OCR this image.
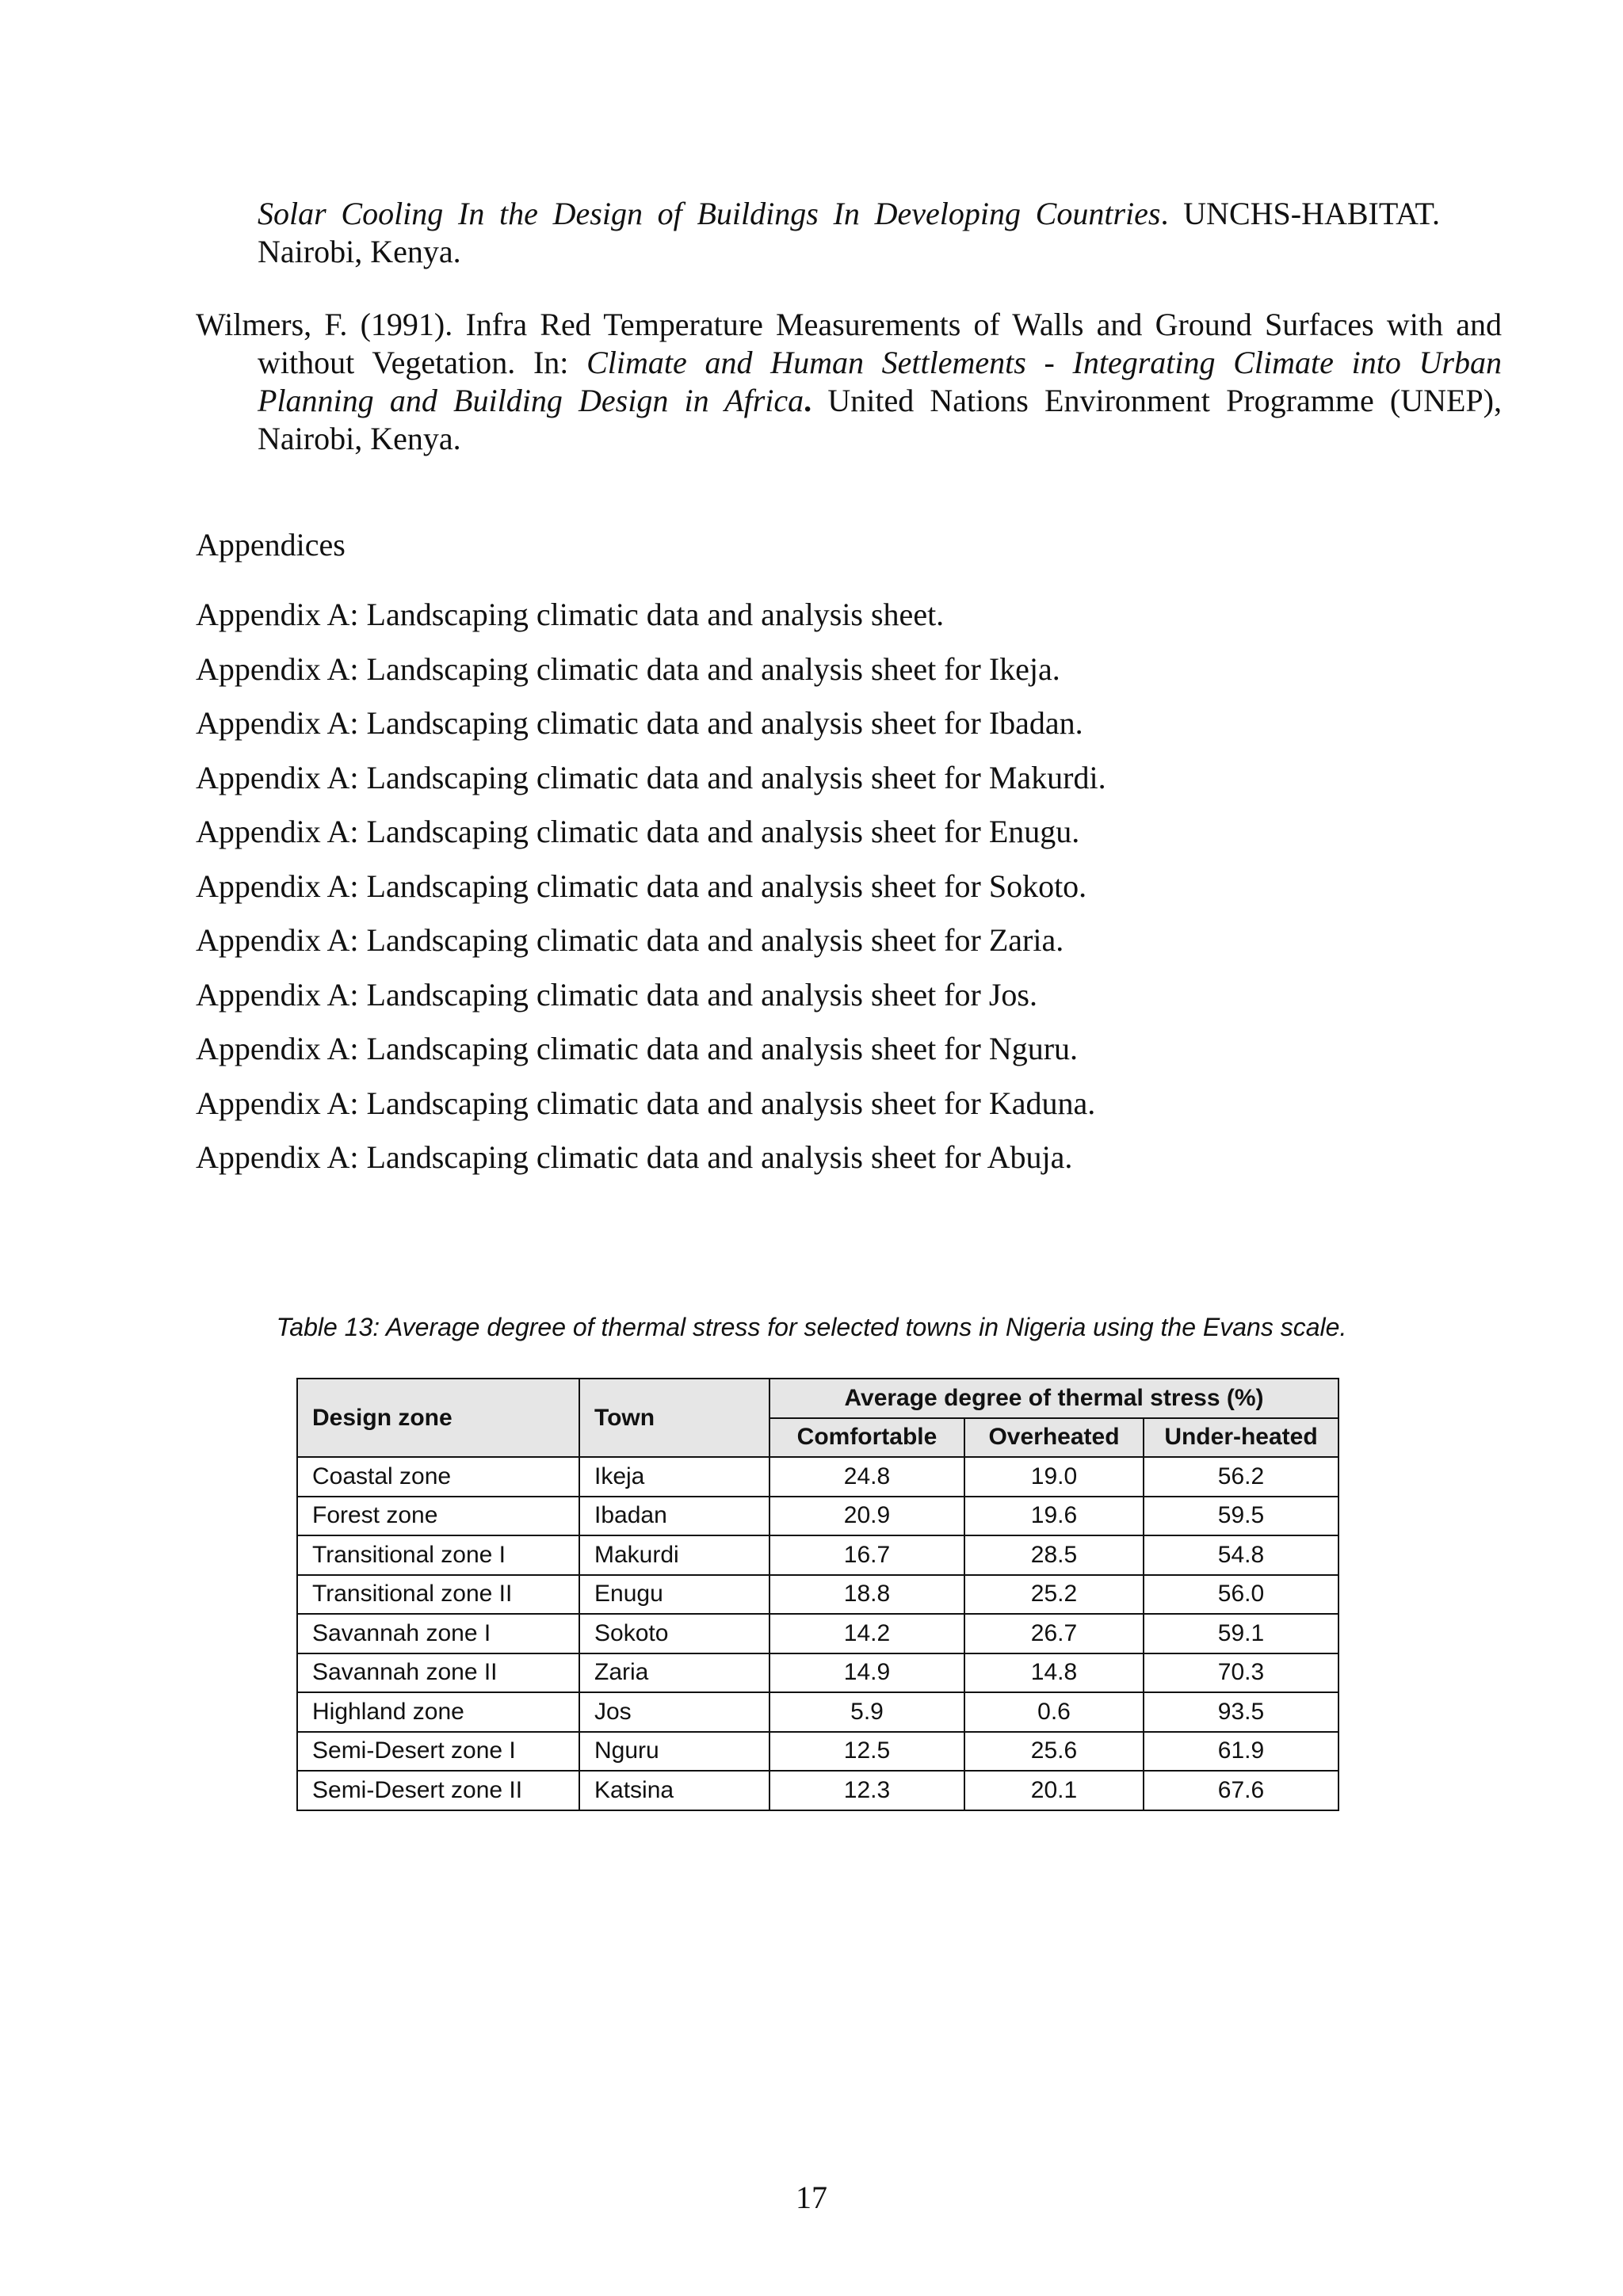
Solar Cooling In the Design of Buildings In Developing Countries. UNCHS-HABITAT. Nairobi, Kenya.

Wilmers, F. (1991). Infra Red Temperature Measurements of Walls and Ground Surfaces with and without Vegetation. In: Climate and Human Settlements - Integrating Climate into Urban Planning and Building Design in Africa. United Nations Environment Programme (UNEP), Nairobi, Kenya.

Appendices
Appendix A: Landscaping climatic data and analysis sheet.
Appendix A: Landscaping climatic data and analysis sheet for Ikeja.
Appendix A: Landscaping climatic data and analysis sheet for Ibadan.
Appendix A: Landscaping climatic data and analysis sheet for Makurdi.
Appendix A: Landscaping climatic data and analysis sheet for Enugu.
Appendix A: Landscaping climatic data and analysis sheet for Sokoto.
Appendix A: Landscaping climatic data and analysis sheet for Zaria.
Appendix A: Landscaping climatic data and analysis sheet for Jos.
Appendix A: Landscaping climatic data and analysis sheet for Nguru.
Appendix A: Landscaping climatic data and analysis sheet for Kaduna.
Appendix A: Landscaping climatic data and analysis sheet for Abuja.
Table 13: Average degree of thermal stress for selected towns in Nigeria using the Evans scale.
Design zone	Town	Average degree of thermal stress (%)		
		Comfortable	Overheated	Under-heated
Coastal zone	Ikeja	24.8	19.0	56.2
Forest zone	Ibadan	20.9	19.6	59.5
Transitional zone I	Makurdi	16.7	28.5	54.8
Transitional zone II	Enugu	18.8	25.2	56.0
Savannah zone I	Sokoto	14.2	26.7	59.1
Savannah zone II	Zaria	14.9	14.8	70.3
Highland zone	Jos	5.9	0.6	93.5
Semi-Desert zone I	Nguru	12.5	25.6	61.9
Semi-Desert zone II	Katsina	12.3	20.1	67.6
17
